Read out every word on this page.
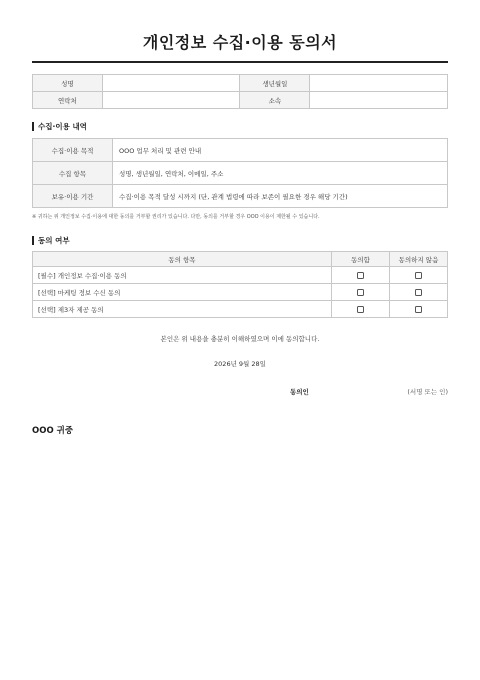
개인정보 수집·이용 동의서
성명		생년월일	
연락처		소속	
수집·이용 내역
수집·이용 목적	OOO 업무 처리 및 관련 안내
수집 항목	성명, 생년월일, 연락처, 이메일, 주소
보유·이용 기간	수집·이용 목적 달성 시까지 (단, 관계 법령에 따라 보존이 필요한 경우 해당 기간)
※ 귀하는 위 개인정보 수집·이용에 대한 동의를 거부할 권리가 있습니다. 다만, 동의를 거부할 경우 OOO 이용이 제한될 수 있습니다.
동의 여부
동의 항목	동의함	동의하지 않음
[필수] 개인정보 수집·이용 동의		
[선택] 마케팅 정보 수신 동의		
[선택] 제3자 제공 동의		
본인은 위 내용을 충분히 이해하였으며 이에 동의합니다.
2026년 9월 28일
동의인	(서명 또는 인)
OOO 귀중
